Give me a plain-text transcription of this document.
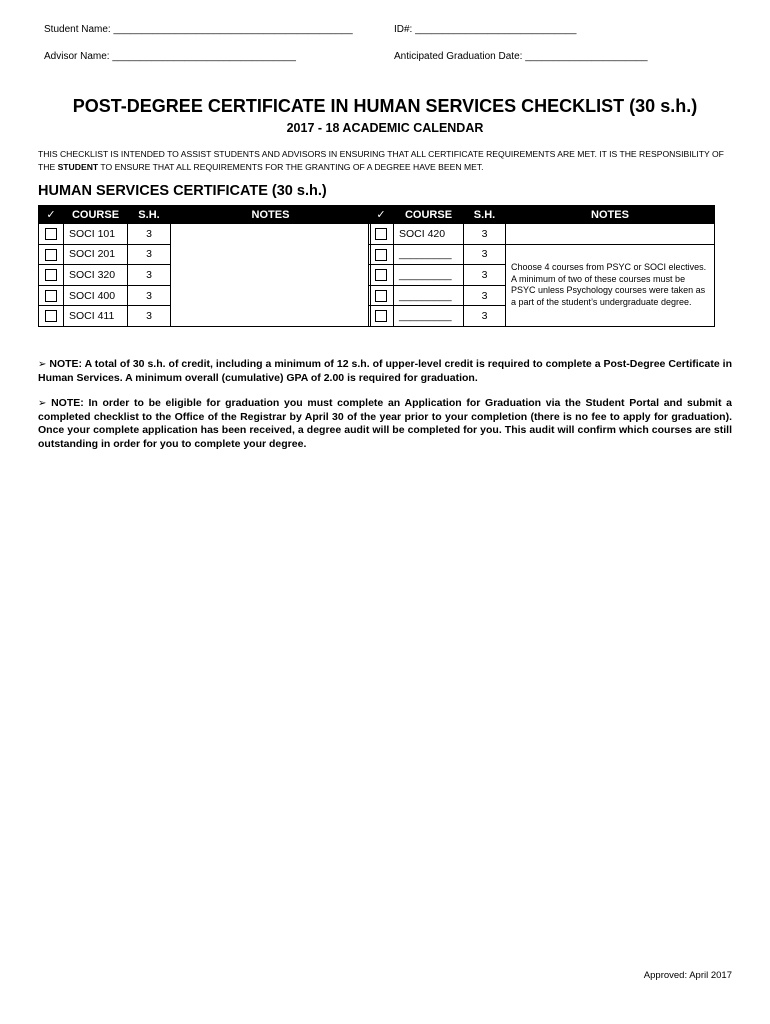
Student Name: ___________________________________________	ID#: _____________________________
Advisor Name: _________________________________	Anticipated Graduation Date: ______________________
POST-DEGREE CERTIFICATE IN HUMAN SERVICES CHECKLIST (30 s.h.)
2017 - 18 ACADEMIC CALENDAR
THIS CHECKLIST IS INTENDED TO ASSIST STUDENTS AND ADVISORS IN ENSURING THAT ALL CERTIFICATE REQUIREMENTS ARE MET. IT IS THE RESPONSIBILITY OF THE STUDENT TO ENSURE THAT ALL REQUIREMENTS FOR THE GRANTING OF A DEGREE HAVE BEEN MET.
HUMAN SERVICES CERTIFICATE (30 s.h.)
✓	COURSE	S.H.	NOTES
	SOCI 101	3	
	SOCI 201	3	
	SOCI 320	3	
	SOCI 400	3	
	SOCI 411	3	
✓	COURSE	S.H.	NOTES
	SOCI 420	3	
	_________	3	Choose 4 courses from PSYC or SOCI electives. A minimum of two of these courses must be PSYC unless Psychology courses were taken as a part of the student’s undergraduate degree.
	_________	3	
	_________	3	
	_________	3	
➢ NOTE: A total of 30 s.h. of credit, including a minimum of 12 s.h. of upper-level credit is required to complete a Post-Degree Certificate in Human Services. A minimum overall (cumulative) GPA of 2.00 is required for graduation.
➢ NOTE: In order to be eligible for graduation you must complete an Application for Graduation via the Student Portal and submit a completed checklist to the Office of the Registrar by April 30 of the year prior to your completion (there is no fee to apply for graduation). Once your complete application has been received, a degree audit will be completed for you. This audit will confirm which courses are still outstanding in order for you to complete your degree.
Approved: April 2017
